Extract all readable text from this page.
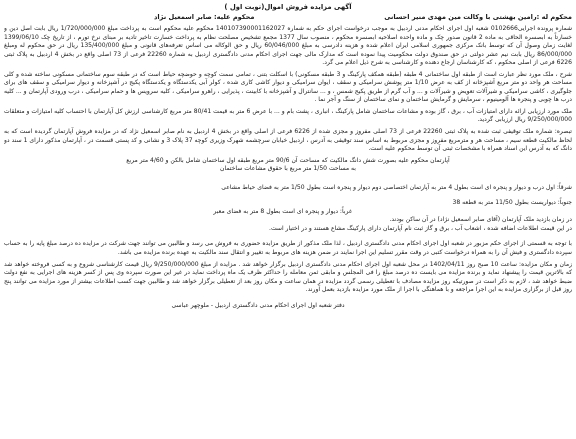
آگهی مزایده فروش اموال(نوبت اول )

محکوم له :رامین بهشتی با وکالت مین مهدی منیر احسانی
محکوم علیه: صابر اسمعیل نژاد

شماره پرونده اجرایی0102666 شعبه اول اجرای احکام مدنی اردبیل به موجب درخواست اجرای حکم به شماره 140107390001162027 محکوم علیه محکوم است به پرداخت مبلغ 1/720/000/000 ریال بابت اصل دین و خسارتاً به ابصسره الحاقی به ماده 2 قانون صدور چک و ماده واحده اصلاحیه ابصسره محکوم ، منصوب سال 1377 مجمع تشخیص مصلحت نظام به پرداخت خسارت تاخیر تادیه بر مبنای نرخ تورم ، از تاریخ چک 1399/06/10 لغایت زمان وصول آن که توسط بانک مرکزی جمهوری اسلامی ایران اعلام شده و هزینه دادرسی به مبلغ 60/046/000 ریال و حق الوکاله می اساس تعرفه‌های قانونی و مبلغ 135/400/000 ریال در حق محکوم له ومبلغ 86/000/000 ریال بابت نیم عشر دولتی در حق صندوق دولت محکومیت پیدا نموده است که مدارک مالی جهت اجرای احکام مدنی دادگستری اردبیل به شماره 22260 فرعی از 73 اصلی واقع در بخش 4 اردبیل به پلاک ثبتی 6226 فرعی از اصلی محکوم ، که کارشناسان ارجاع دهنده و کارشناسی به شرح ذیل اعلام می گرد.

شرح ، ملک مورد نظر عبارت است از طبقه اول ساختمانی 4 طبقه (طبقه همکف پارکینگ و 3 طبقه مسکونی) با اسکلت بتنی ، تمامی سمت کوچه و حوضچه حیاط است که در طبقه سوم ساختمانی مسکونی ساخته شده و کلی مساحت هر واحد دو متر مربع آشپزخانه از کف به عرض 1/10 متر پوشش سرامیکی و سقف ، ایوان سرامیکی و دیوار کاشی کاری شده ، کولر آبی یکدستگاه و یکدستگاه پکیج در آشپزخانه و دیوار سرامیکی و سقف های برای جلوگیری ، کاشی سرامیکی و شیرآلات تعویض و شیرآلات و ... و آب گرم از طریق پکیج شمس ، و ... سانترال و آشپزخانه با کابینت ، پذیرایی ، راهرو سرامیکی ، کلیه سرویس ها و حمام سرامیکی ، درب ورودی آپارتمان و ... کلیه درب ها چوبی و پنجره ها آلومینیوم ، سرمایش و گرمایش ساختمان و نمای ساختمان از سنگ و آجر نما .

ملک مورد ارزیابی ارائه دارای امتیازات آب ، برق ، گاز بوده و مشاعات ساختمان شامل پارکینگ ، انباری ، پشت بام و ... با عرض 6 متر به قیمت 80/41 متر مربع کارشناسی ارزش کل آپارتمان با احتساب کلیه امتیازات و متعلقات 9/250/000/000 ریال ارزیابی گردید.

تبصره: شماره ملک توقیفی ثبت شده به پلاک ثبتی 22260 فرعی از 73 اصلی مفروز و مجزی شده از 6226 فرعی از اصلی واقع در بخش 4 اردبیل به نام صابر اسمعیل نژاد که در مزایده فروش آپارتمان گردیده است که به لحاظ مالکیت قطعه سیم ، مساحت هر و مترمربع مفروز و مجزی مربوط به اساس سند توقیفی به آدرس ، اردبیل خیابان سرچشمه شهرک وزیری کوچه 37 پلاک 3 و نشانی و کد پستی قسمت در ، آپارتمان مذکور دارای 1 سند دو دانگ که به آدرس این اسناد همراه با مشخصات ثبتی آن توسط محکوم علیه است.

آپارتمان محکوم علیه بصورت شش دانگ مالکیت که مساحت آن 90/6 متر مربع طبقه اول ساختمان شامل بالکن و 4/60 متر مربع

به مساحت 1/50 متر مربع با حقوق مشاعات ساختمان

شرقاً: اول درب و دیوار و پنجره ای است بطول 4 متر به آپارتمان اختصاصی دوم دیوار و پنجره است بطول 1/50 متر به فضای حیاط مشاعی

جنوباً: دیواریست بطول 11/50 متر به قطعه 38

غرباً: دیوار و پنجره ای است بطول 8 متر به فضای معبر

در زمان بازدید ملک آپارتمان (آقای صابر اسمعیل نژاد) در آن ساکن بودند.

در این قیمت اطلاعات اضافه شده ، اشعاب آب ، برق و گاز ثبت نام آپارتمان دارای پارکینگ مشاع هستند و در اختیار است.

با توجه به قسمتی از اجرای حکم مزبور در شعبه اول اجرای احکام مدنی دادگستری اردبیل ، لذا ملک مذکور از طریق مزایده حضوری به فروش می رسد و طالبین می توانند جهت شرکت در مزایده ده درصد مبلغ پایه را به حساب سپرده دادگستری و فیش آن را به همراه درخواست کتبی در وقت مقرر تسلیم این اجرا نمایند در ضمن هزینه های مربوط به تغییر و انتقال سند مالکیت به عهده برنده مزایده می باشد.

زمان و مکان مزایده: ساعت 10 صبح روز 1402/04/11 در محل شعبه اول اجرای احکام مدنی دادگستری اردبیل برگزار خواهد شد . مزایده از مبلغ 9/250/000/000 ریال قیمت کارشناسی شروع و به کسی فروخته خواهد شد که بالاترین قیمت را پیشنهاد نماید و برنده مزایده می بایست ده درصد مبلغ را فی المجلس و مابقی ثمن معامله را حداکثر ظرف یک ماه پرداخت نماید در غیر این صورت سپرده وی پس از کسر هزینه های اجرایی به نفع دولت ضبط خواهد شد ، لازم به ذکر است در صورتیکه روز مزایده مصادف با تعطیلی رسمی گردد مزایده در همان ساعت و مکان روز بعد از تعطیلی برگزار خواهد شد و طالبین جهت کسب اطلاعات بیشتر از مورد مزایده می توانند پنج روز قبل از برگزاری مزایده به این اجرا مراجعه و با هماهنگی با اجرا از ملک مورد مزایده بازدید بعمل آورند.

دفتر شعبه اول اجرای احکام مدنی دادگستری اردبیل - ملوچهر عباسی
